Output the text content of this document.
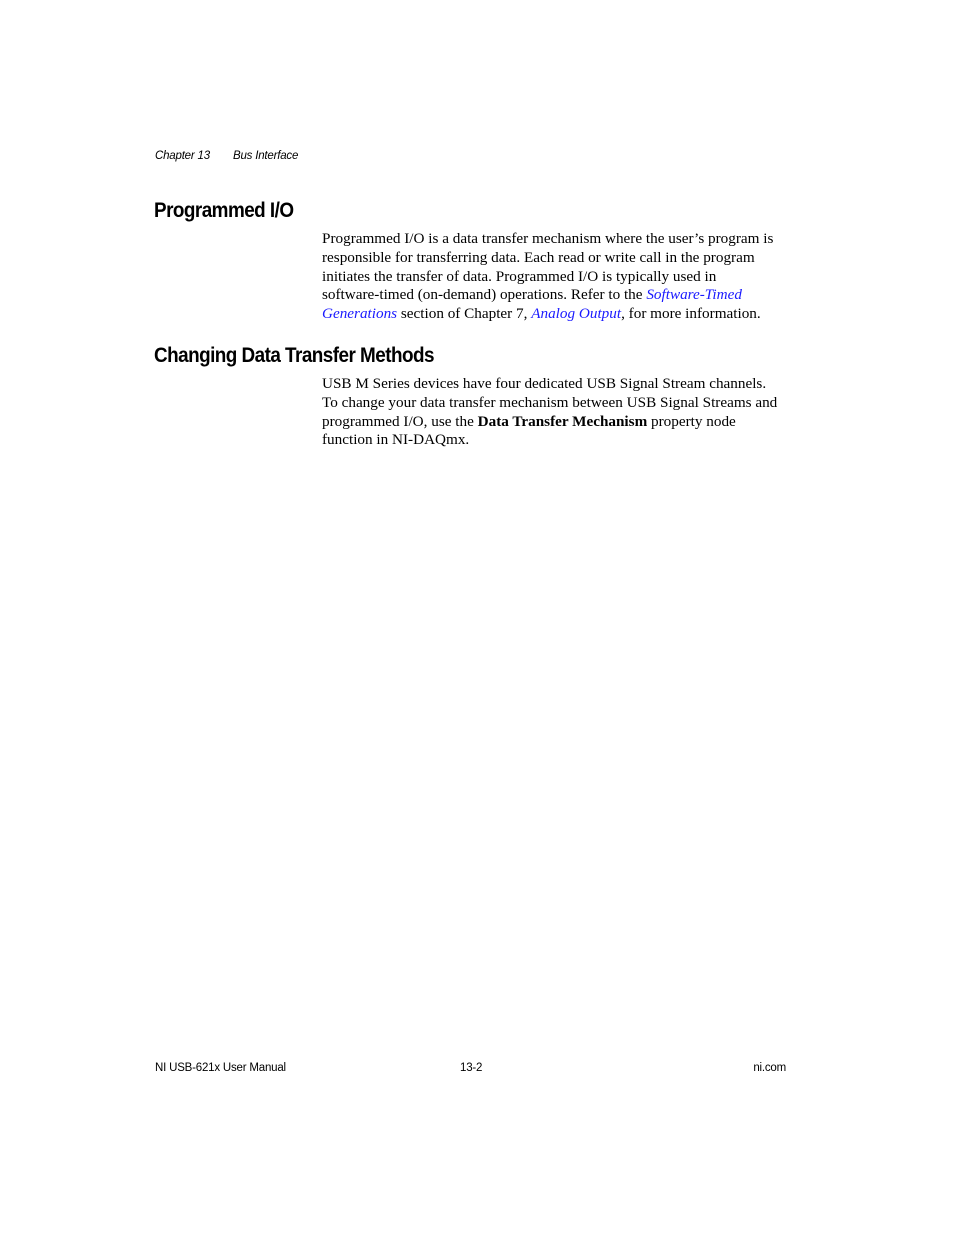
Chapter 13 Bus Interface
Programmed I/O
Programmed I/O is a data transfer mechanism where the user’s program is
responsible for transferring data. Each read or write call in the program
initiates the transfer of data. Programmed I/O is typically used in
software-timed (on-demand) operations. Refer to the Software-Timed
Generations section of Chapter 7, Analog Output, for more information.
Changing Data Transfer Methods
USB M Series devices have four dedicated USB Signal Stream channels.
To change your data transfer mechanism between USB Signal Streams and
programmed I/O, use the Data Transfer Mechanism property node
function in NI-DAQmx.
NI USB-621x User Manual	13-2	ni.com
